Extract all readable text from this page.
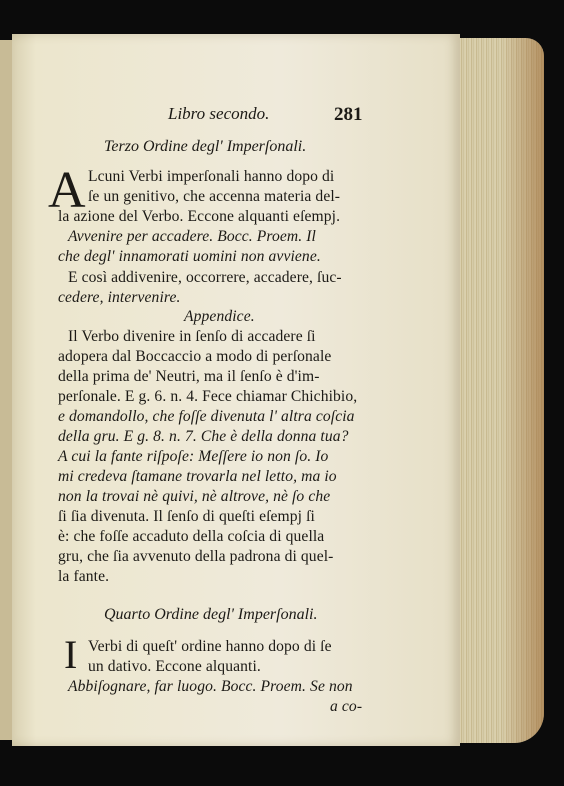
Libro secondo.	281
Terzo Ordine degl' Imperſonali.
A Lcuni Verbi imperſonali hanno dopo di
ſe un genitivo, che accenna materia del-
la azione del Verbo. Eccone alquanti eſempj.
Avvenire per accadere. Bocc. Proem. Il
che degl' innamorati uomini non avviene.
E così addivenire, occorrere, accadere, ſuc-
cedere, intervenire.
Appendice.
Il Verbo divenire in ſenſo di accadere ſi
adopera dal Boccaccio a modo di perſonale
della prima de' Neutri, ma il ſenſo è d'im-
perſonale. E g. 6. n. 4. Fece chiamar Chichibio,
e domandollo, che foſſe divenuta l' altra coſcia
della gru. E g. 8. n. 7. Che è della donna tua?
A cui la fante riſpoſe: Meſſere io non ſo. Io
mi credeva ſtamane trovarla nel letto, ma io
non la trovai nè quivi, nè altrove, nè ſo che
ſi ſia divenuta. Il ſenſo di queſti eſempj ſi
è: che foſſe accaduto della coſcia di quella
gru, che ſia avvenuto della padrona di quel-
la fante.
Quarto Ordine degl' Imperſonali.
I Verbi di queſt' ordine hanno dopo di ſe
un dativo. Eccone alquanti.
Abbiſognare, far luogo. Bocc. Proem. Se non
a co-
